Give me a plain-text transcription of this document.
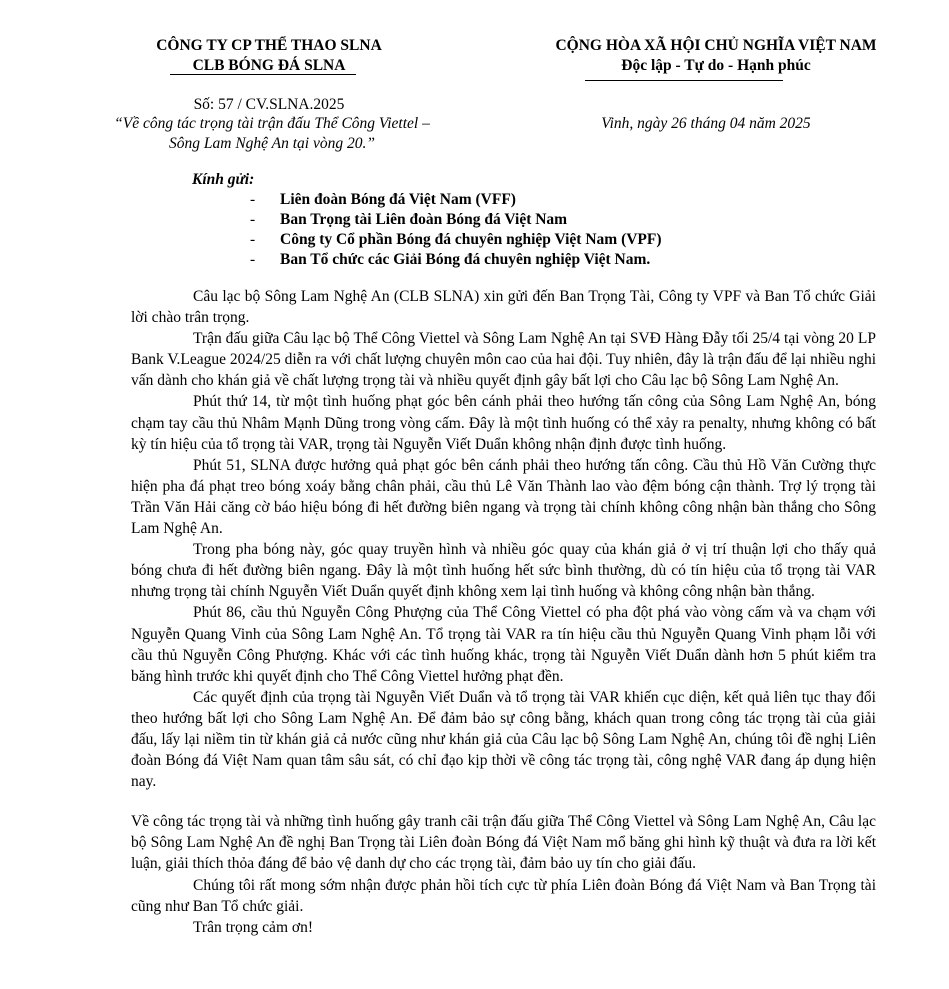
CÔNG TY CP THỂ THAO SLNA
CLB BÓNG ĐÁ SLNA
CỘNG HÒA XÃ HỘI CHỦ NGHĨA VIỆT NAM
Độc lập - Tự do - Hạnh phúc
Số: 57 / CV.SLNA.2025
“Về công tác trọng tài trận đấu Thể Công Viettel –
Sông Lam Nghệ An tại vòng 20.”
Vinh, ngày 26 tháng 04 năm 2025
Kính gửi:
-	Liên đoàn Bóng đá Việt Nam (VFF)
-	Ban Trọng tài Liên đoàn Bóng đá Việt Nam
-	Công ty Cổ phần Bóng đá chuyên nghiệp Việt Nam (VPF)
-	Ban Tổ chức các Giải Bóng đá chuyên nghiệp Việt Nam.

Câu lạc bộ Sông Lam Nghệ An (CLB SLNA) xin gửi đến Ban Trọng Tài, Công ty VPF và Ban Tổ chức Giải lời chào trân trọng.

Trận đấu giữa Câu lạc bộ Thể Công Viettel và Sông Lam Nghệ An tại SVĐ Hàng Đẫy tối 25/4 tại vòng 20 LP Bank V.League 2024/25 diễn ra với chất lượng chuyên môn cao của hai đội. Tuy nhiên, đây là trận đấu để lại nhiều nghi vấn dành cho khán giả về chất lượng trọng tài và nhiều quyết định gây bất lợi cho Câu lạc bộ Sông Lam Nghệ An.

Phút thứ 14, từ một tình huống phạt góc bên cánh phải theo hướng tấn công của Sông Lam Nghệ An, bóng chạm tay cầu thủ Nhâm Mạnh Dũng trong vòng cấm. Đây là một tình huống có thể xảy ra penalty, nhưng không có bất kỳ tín hiệu của tổ trọng tài VAR, trọng tài Nguyễn Viết Duẩn không nhận định được tình huống.

Phút 51, SLNA được hưởng quả phạt góc bên cánh phải theo hướng tấn công. Cầu thủ Hồ Văn Cường thực hiện pha đá phạt treo bóng xoáy bằng chân phải, cầu thủ Lê Văn Thành lao vào đệm bóng cận thành. Trợ lý trọng tài Trần Văn Hải căng cờ báo hiệu bóng đi hết đường biên ngang và trọng tài chính không công nhận bàn thắng cho Sông Lam Nghệ An.

Trong pha bóng này, góc quay truyền hình và nhiều góc quay của khán giả ở vị trí thuận lợi cho thấy quả bóng chưa đi hết đường biên ngang. Đây là một tình huống hết sức bình thường, dù có tín hiệu của tổ trọng tài VAR nhưng trọng tài chính Nguyễn Viết Duẩn quyết định không xem lại tình huống và không công nhận bàn thắng.

Phút 86, cầu thủ Nguyễn Công Phượng của Thể Công Viettel có pha đột phá vào vòng cấm và va chạm với Nguyễn Quang Vinh của Sông Lam Nghệ An. Tổ trọng tài VAR ra tín hiệu cầu thủ Nguyễn Quang Vinh phạm lỗi với cầu thủ Nguyễn Công Phượng. Khác với các tình huống khác, trọng tài Nguyễn Viết Duẩn dành hơn 5 phút kiểm tra băng hình trước khi quyết định cho Thể Công Viettel hưởng phạt đền.

Các quyết định của trọng tài Nguyễn Viết Duẩn và tổ trọng tài VAR khiến cục diện, kết quả liên tục thay đổi theo hướng bất lợi cho Sông Lam Nghệ An. Để đảm bảo sự công bằng, khách quan trong công tác trọng tài của giải đấu, lấy lại niềm tin từ khán giả cả nước cũng như khán giả của Câu lạc bộ Sông Lam Nghệ An, chúng tôi đề nghị Liên đoàn Bóng đá Việt Nam quan tâm sâu sát, có chỉ đạo kịp thời về công tác trọng tài, công nghệ VAR đang áp dụng hiện nay.

Về công tác trọng tài và những tình huống gây tranh cãi trận đấu giữa Thể Công Viettel và Sông Lam Nghệ An, Câu lạc bộ Sông Lam Nghệ An đề nghị Ban Trọng tài Liên đoàn Bóng đá Việt Nam mổ băng ghi hình kỹ thuật và đưa ra lời kết luận, giải thích thỏa đáng để bảo vệ danh dự cho các trọng tài, đảm bảo uy tín cho giải đấu.

Chúng tôi rất mong sớm nhận được phản hồi tích cực từ phía Liên đoàn Bóng đá Việt Nam và Ban Trọng tài cũng như Ban Tổ chức giải.

Trân trọng cảm ơn!
